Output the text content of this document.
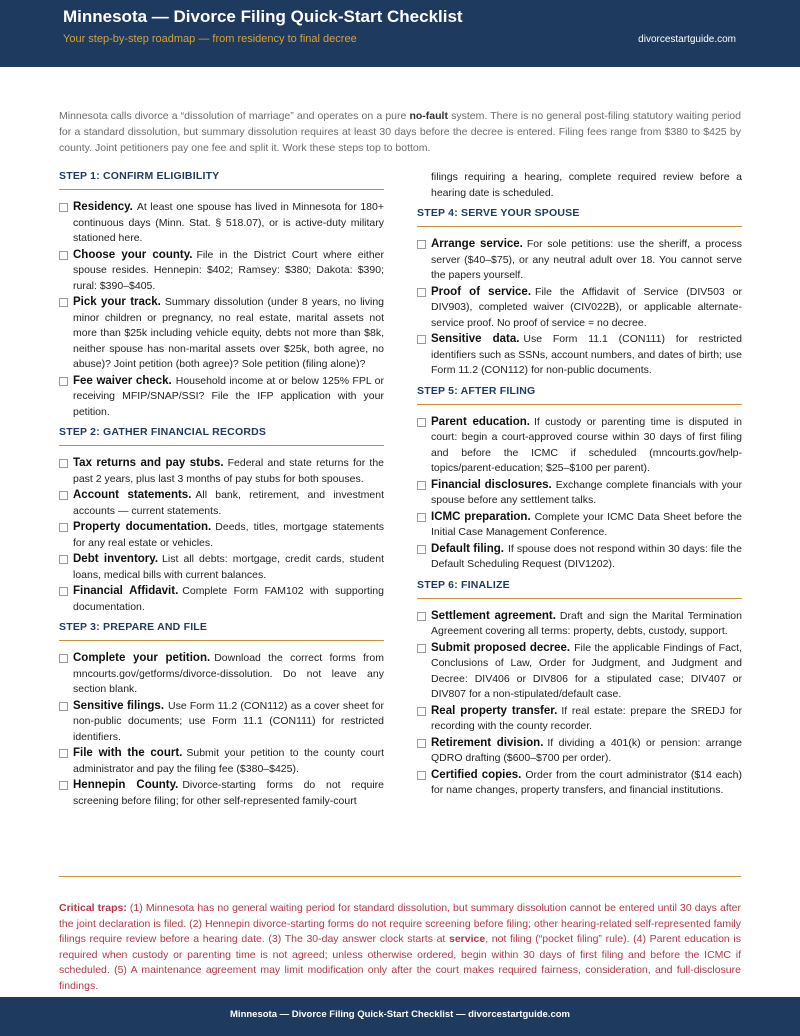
Minnesota — Divorce Filing Quick-Start Checklist
Your step-by-step roadmap — from residency to final decree	divorcestartguide.com
Minnesota calls divorce a “dissolution of marriage” and operates on a pure no-fault system. There is no general post-filing statutory waiting period for a standard dissolution, but summary dissolution requires at least 30 days before the decree is entered. Filing fees range from $380 to $425 by county. Joint petitioners pay one fee and split it. Work these steps top to bottom.
STEP 1: CONFIRM ELIGIBILITY
Residency. At least one spouse has lived in Minnesota for 180+ continuous days (Minn. Stat. § 518.07), or is active-duty military stationed here.
Choose your county. File in the District Court where either spouse resides. Hennepin: $402; Ramsey: $380; Dakota: $390; rural: $390–$405.
Pick your track. Summary dissolution (under 8 years, no living minor children or pregnancy, no real estate, marital assets not more than $25k including vehicle equity, debts not more than $8k, neither spouse has non-marital assets over $25k, both agree, no abuse)? Joint petition (both agree)? Sole petition (filing alone)?
Fee waiver check. Household income at or below 125% FPL or receiving MFIP/SNAP/SSI? File the IFP application with your petition.
STEP 2: GATHER FINANCIAL RECORDS
Tax returns and pay stubs. Federal and state returns for the past 2 years, plus last 3 months of pay stubs for both spouses.
Account statements. All bank, retirement, and investment accounts — current statements.
Property documentation. Deeds, titles, mortgage statements for any real estate or vehicles.
Debt inventory. List all debts: mortgage, credit cards, student loans, medical bills with current balances.
Financial Affidavit. Complete Form FAM102 with supporting documentation.
STEP 3: PREPARE AND FILE
Complete your petition. Download the correct forms from mncourts.gov/getforms/divorce-dissolution. Do not leave any section blank.
Sensitive filings. Use Form 11.2 (CON112) as a cover sheet for non-public documents; use Form 11.1 (CON111) for restricted identifiers.
File with the court. Submit your petition to the county court administrator and pay the filing fee ($380–$425).
Hennepin County. Divorce-starting forms do not require screening before filing; for other self-represented family-court
filings requiring a hearing, complete required review before a hearing date is scheduled.
STEP 4: SERVE YOUR SPOUSE
Arrange service. For sole petitions: use the sheriff, a process server ($40–$75), or any neutral adult over 18. You cannot serve the papers yourself.
Proof of service. File the Affidavit of Service (DIV503 or DIV903), completed waiver (CIV022B), or applicable alternate-service proof. No proof of service = no decree.
Sensitive data. Use Form 11.1 (CON111) for restricted identifiers such as SSNs, account numbers, and dates of birth; use Form 11.2 (CON112) for non-public documents.
STEP 5: AFTER FILING
Parent education. If custody or parenting time is disputed in court: begin a court-approved course within 30 days of first filing and before the ICMC if scheduled (mncourts.gov/help-topics/parent-education; $25–$100 per parent).
Financial disclosures. Exchange complete financials with your spouse before any settlement talks.
ICMC preparation. Complete your ICMC Data Sheet before the Initial Case Management Conference.
Default filing. If spouse does not respond within 30 days: file the Default Scheduling Request (DIV1202).
STEP 6: FINALIZE
Settlement agreement. Draft and sign the Marital Termination Agreement covering all terms: property, debts, custody, support.
Submit proposed decree. File the applicable Findings of Fact, Conclusions of Law, Order for Judgment, and Judgment and Decree: DIV406 or DIV806 for a stipulated case; DIV407 or DIV807 for a non-stipulated/default case.
Real property transfer. If real estate: prepare the SREDJ for recording with the county recorder.
Retirement division. If dividing a 401(k) or pension: arrange QDRO drafting ($600–$700 per order).
Certified copies. Order from the court administrator ($14 each) for name changes, property transfers, and financial institutions.
Critical traps: (1) Minnesota has no general waiting period for standard dissolution, but summary dissolution cannot be entered until 30 days after the joint declaration is filed. (2) Hennepin divorce-starting forms do not require screening before filing; other hearing-related self-represented family filings require review before a hearing date. (3) The 30-day answer clock starts at service, not filing (“pocket filing” rule). (4) Parent education is required when custody or parenting time is not agreed; unless otherwise ordered, begin within 30 days of first filing and before the ICMC if scheduled. (5) A maintenance agreement may limit modification only after the court makes required fairness, consideration, and full-disclosure findings.
Minnesota — Divorce Filing Quick-Start Checklist — divorcestartguide.com
